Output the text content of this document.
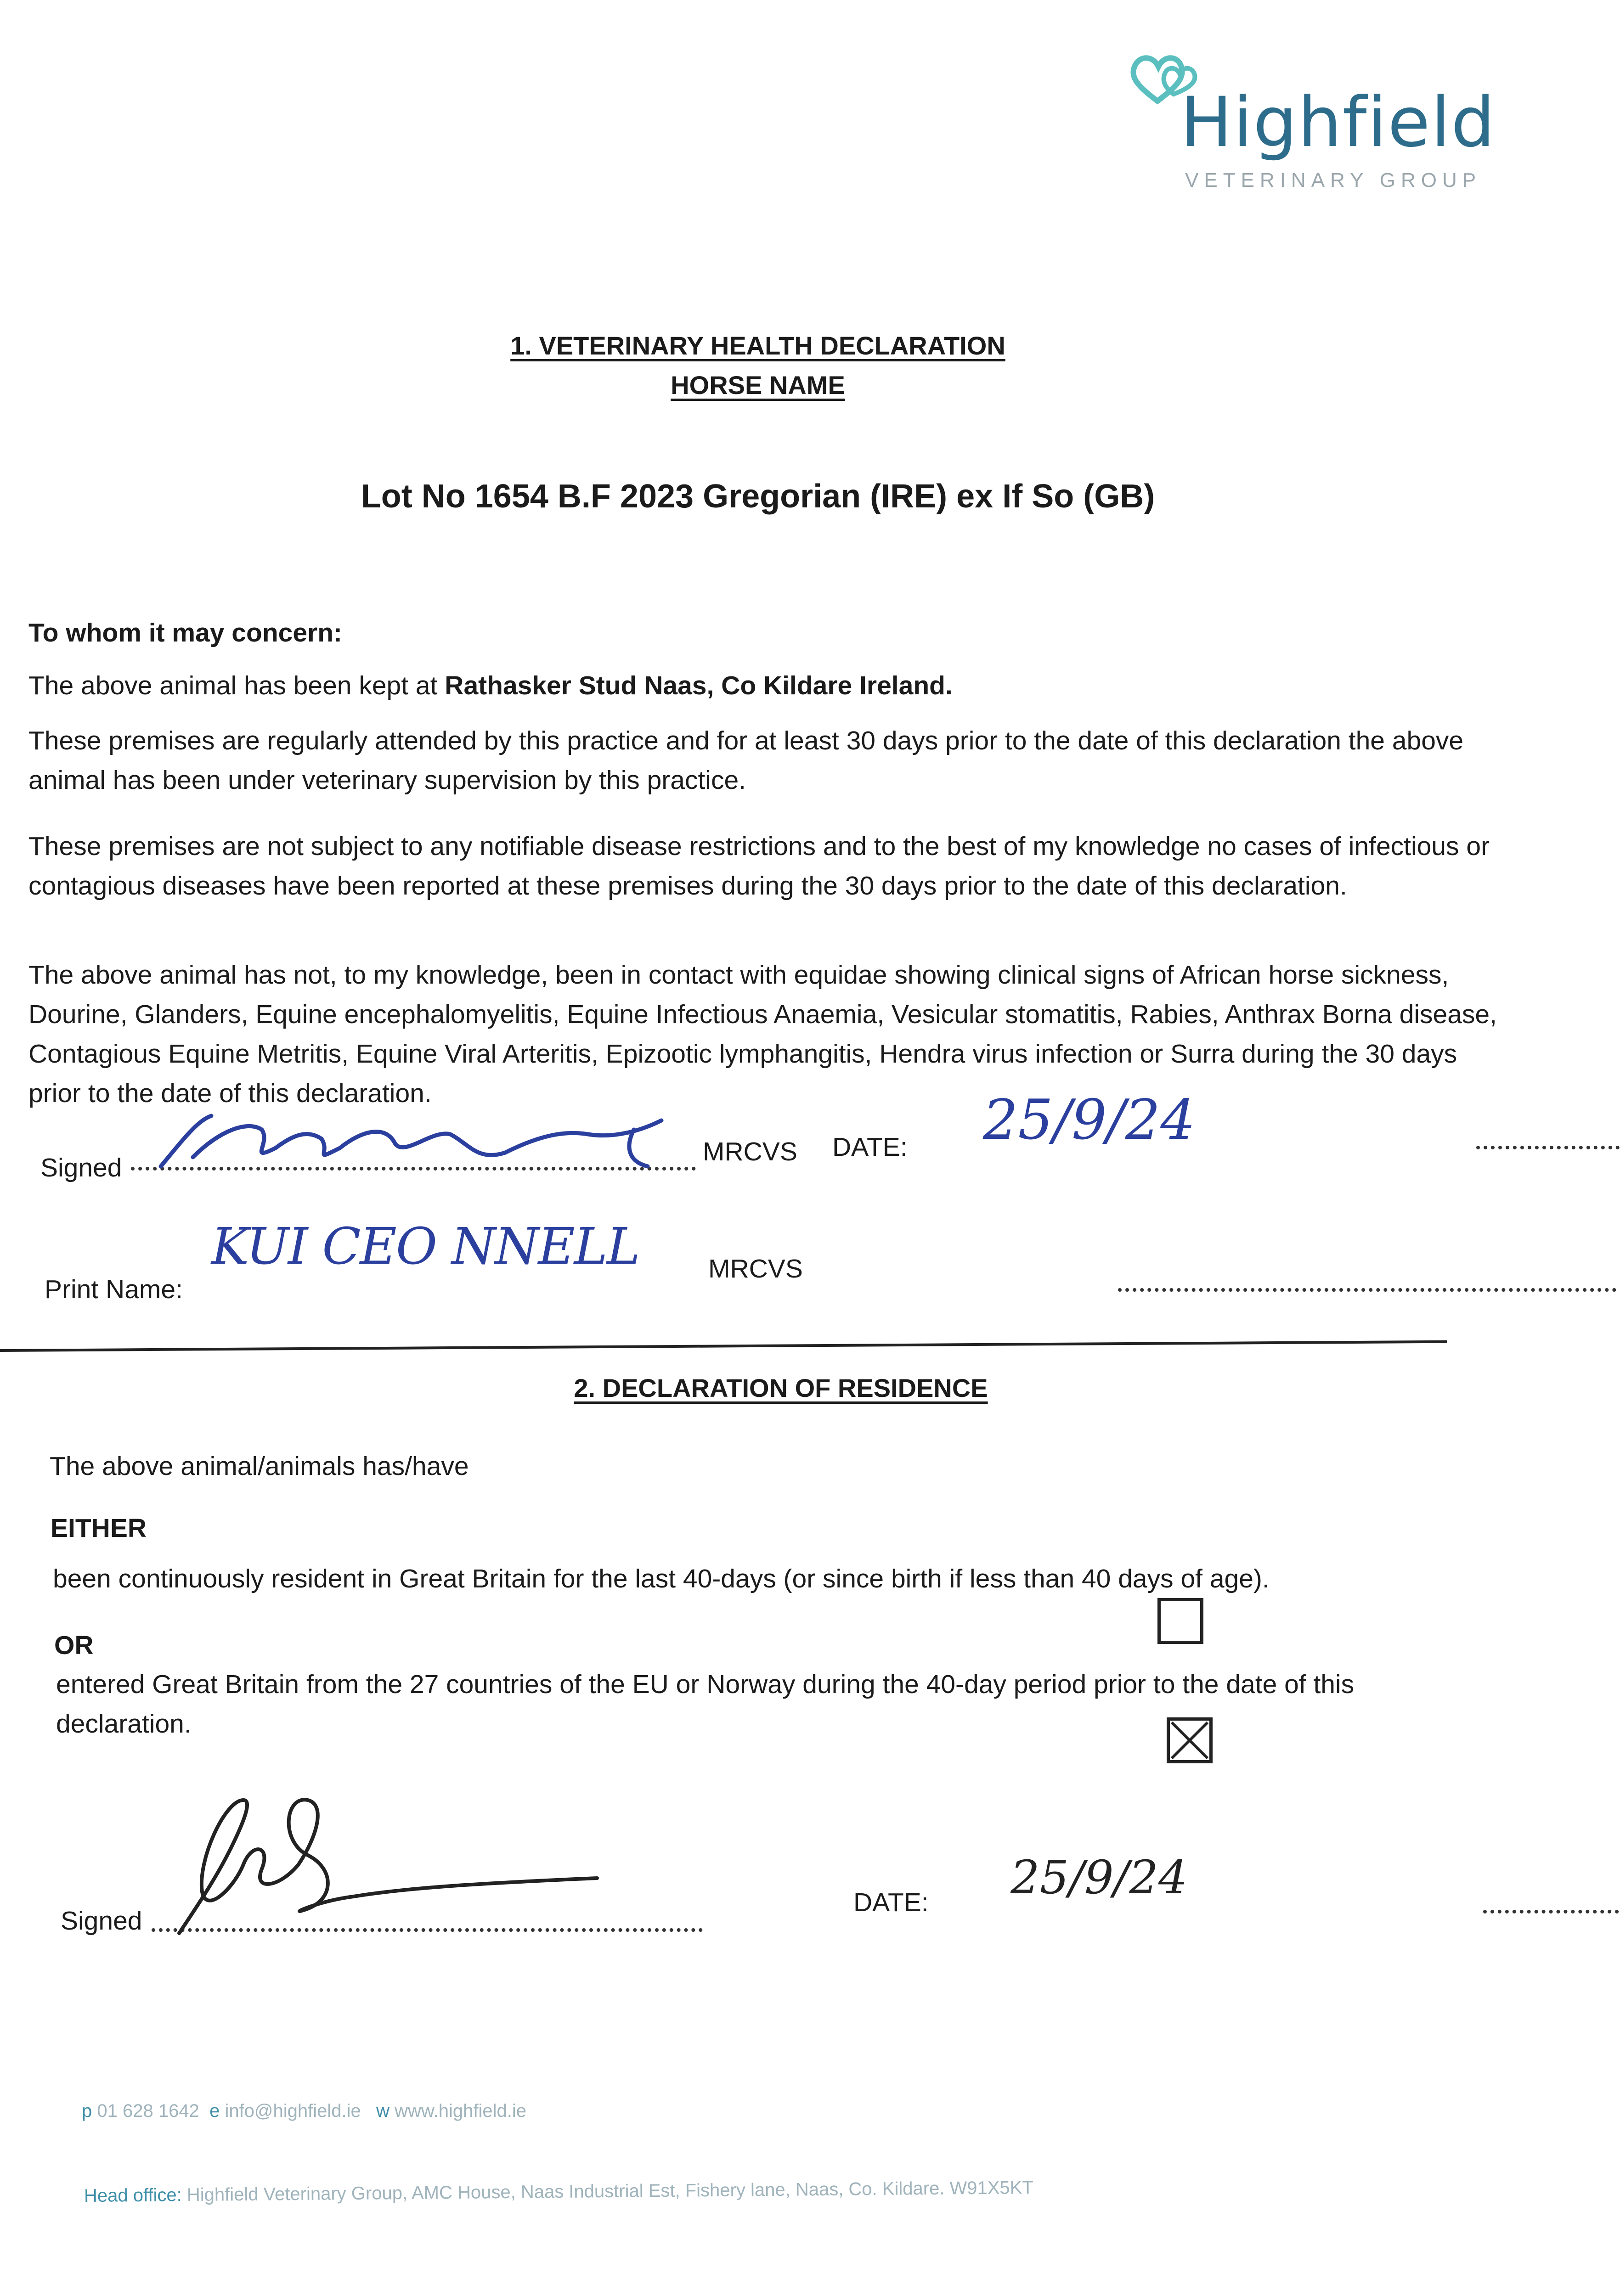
Highfield
VETERINARY GROUP
1. VETERINARY HEALTH DECLARATION
HORSE NAME
Lot No 1654 B.F 2023 Gregorian (IRE) ex If So (GB)
To whom it may concern:
The above animal has been kept at Rathasker Stud Naas, Co Kildare Ireland.
These premises are regularly attended by this practice and for at least 30 days prior to the date of this declaration the above animal has been under veterinary supervision by this practice.
These premises are not subject to any notifiable disease restrictions and to the best of my knowledge no cases of infectious or contagious diseases have been reported at these premises during the 30 days prior to the date of this declaration.
The above animal has not, to my knowledge, been in contact with equidae showing clinical signs of African horse sickness, Dourine, Glanders, Equine encephalomyelitis, Equine Infectious Anaemia, Vesicular stomatitis, Rabies, Anthrax Borna disease, Contagious Equine Metritis, Equine Viral Arteritis, Epizootic lymphangitis, Hendra virus infection or Surra during the 30 days prior to the date of this declaration.
Signed

MRCVS DATE:
25/9/24
Print Name:

KUI CEO NNELL	MRCVS
2. DECLARATION OF RESIDENCE
The above animal/animals has/have
EITHER
been continuously resident in Great Britain for the last 40-days (or since birth if less than 40 days of age).
OR
entered Great Britain from the 27 countries of the EU or Norway during the 40-day period prior to the date of this declaration.
Signed

DATE: 25/9/24
p 01 628 1642 e info@highfield.ie w www.highfield.ie
Head office: Highfield Veterinary Group, AMC House, Naas Industrial Est, Fishery lane, Naas, Co. Kildare. W91X5KT
